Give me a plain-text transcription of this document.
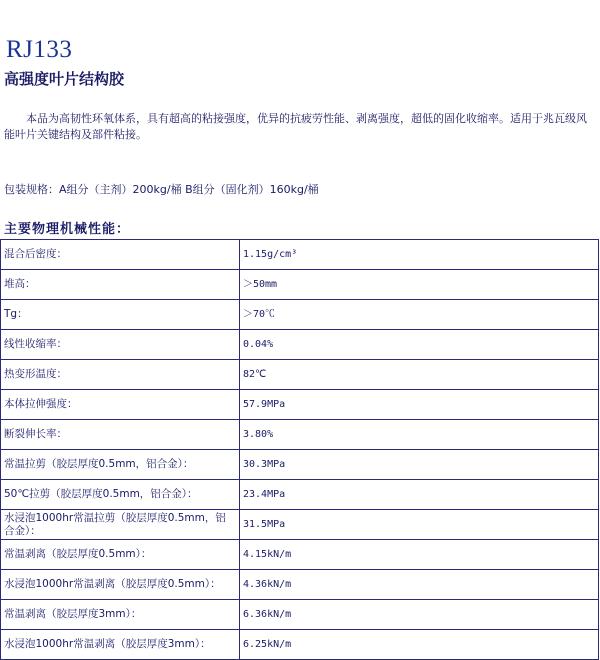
RJ133
高强度叶片结构胶

本品为高韧性环氧体系，具有超高的粘接强度，优异的抗疲劳性能、剥离强度，超低的固化收缩率。适用于兆瓦级风能叶片关键结构及部件粘接。

包装规格：A组分（主剂）200kg/桶 B组分（固化剂）160kg/桶
主要物理机械性能：
混合后密度：	1.15g/cm³
堆高：	＞50mm
Tg：	＞70℃
线性收缩率：	0.04%
热变形温度：	82℃
本体拉伸强度：	57.9MPa
断裂伸长率：	3.80%
常温拉剪（胶层厚度0.5mm，铝合金）：	30.3MPa
50℃拉剪（胶层厚度0.5mm，铝合金）：	23.4MPa
水浸泡1000hr常温拉剪（胶层厚度0.5mm，铝合金）：	31.5MPa
常温剥离（胶层厚度0.5mm）：	4.15kN/m
水浸泡1000hr常温剥离（胶层厚度0.5mm）：	4.36kN/m
常温剥离（胶层厚度3mm）：	6.36kN/m
水浸泡1000hr常温剥离（胶层厚度3mm）：	6.25kN/m
